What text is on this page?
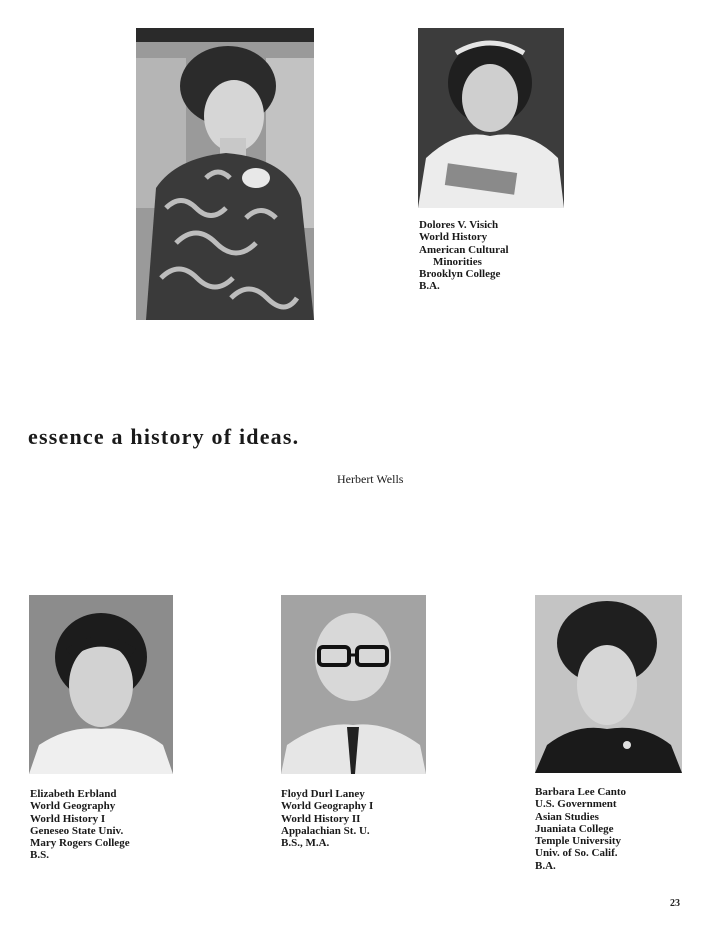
Dolores V. Visich
World History
American Cultural
Minorities
Brooklyn College
B.A.
essence a history of ideas.
Herbert Wells
Elizabeth Erbland
World Geography
World History I
Geneseo State Univ.
Mary Rogers College
B.S.
Floyd Durl Laney
World Geography I
World History II
Appalachian St. U.
B.S., M.A.
Barbara Lee Canto
U.S. Government
Asian Studies
Juaniata College
Temple University
Univ. of So. Calif.
B.A.
23
